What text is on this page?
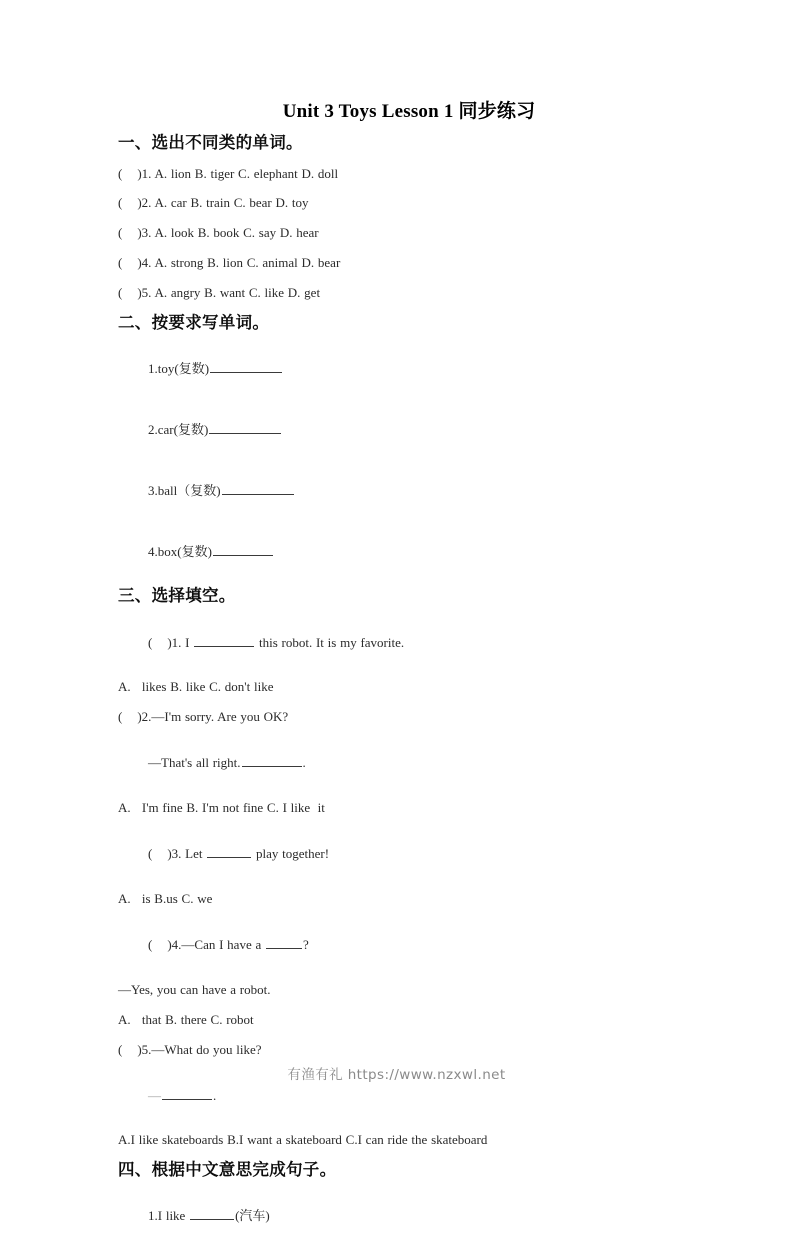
Unit 3 Toys Lesson 1 同步练习
一、选出不同类的单词。

(    )1. A. lion B. tiger C. elephant D. doll

(    )2. A. car B. train C. bear D. toy

(    )3. A. look B. book C. say D. hear

(    )4. A. strong B. lion C. animal D. bear

(    )5. A. angry B. want C. like D. get

二、按要求写单词。

1.toy(复数)

2.car(复数)

3.ball（复数)

4.box(复数)

三、选择填空。

(    )1. I	this robot. It is my favorite.

A.   likes B. like C. don't like

(    )2.—I'm sorry. Are you OK?

—That's all right.	.

A.   I'm fine B. I'm not fine C. I like  it

(    )3. Let	play together!

A.   is B.us C. we

(    )4.—Can I have a	?

—Yes, you can have a robot.

A.   that B. there C. robot

(    )5.—What do you like?

—	.

A.I like skateboards B.I want a skateboard C.I can ride the skateboard

四、根据中文意思完成句子。

1.I like	(汽车)

有渔有礼 https://www.nzxwl.net
